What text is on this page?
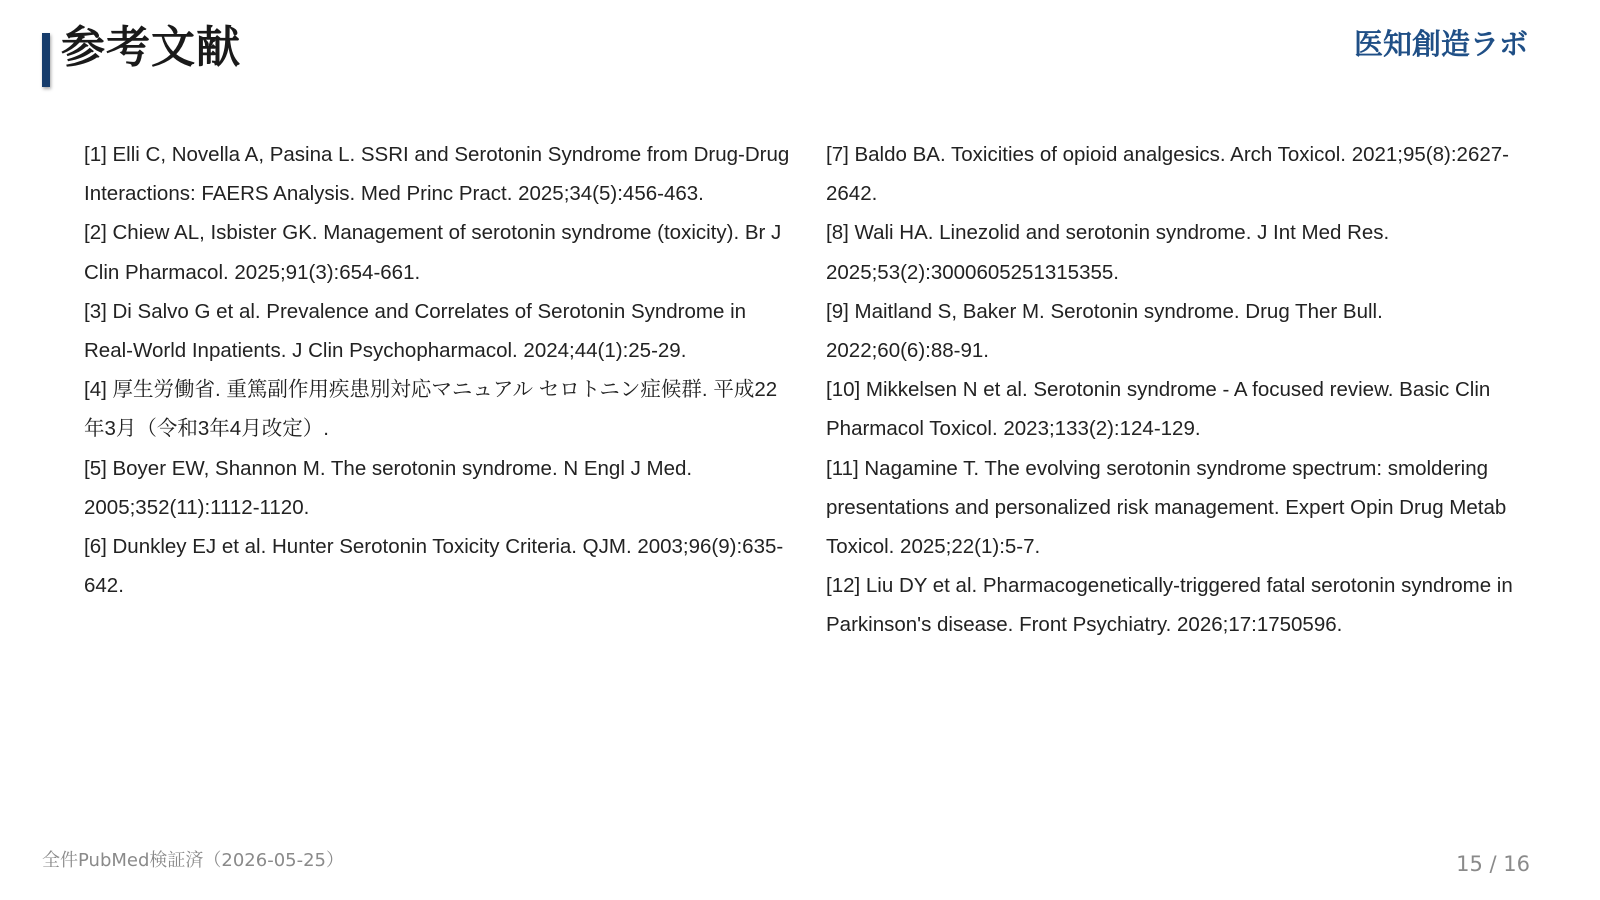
参考文献	医知創造ラボ
[1] Elli C, Novella A, Pasina L. SSRI and Serotonin Syndrome from Drug-Drug Interactions: FAERS Analysis. Med Princ Pract. 2025;34(5):456-463.
[2] Chiew AL, Isbister GK. Management of serotonin syndrome (toxicity). Br J Clin Pharmacol. 2025;91(3):654-661.
[3] Di Salvo G et al. Prevalence and Correlates of Serotonin Syndrome in Real-World Inpatients. J Clin Psychopharmacol. 2024;44(1):25-29.
[4] 厚生労働省. 重篤副作用疾患別対応マニュアル セロトニン症候群. 平成22年3月（令和3年4月改定）.
[5] Boyer EW, Shannon M. The serotonin syndrome. N Engl J Med. 2005;352(11):1112-1120.
[6] Dunkley EJ et al. Hunter Serotonin Toxicity Criteria. QJM. 2003;96(9):635-642.
[7] Baldo BA. Toxicities of opioid analgesics. Arch Toxicol. 2021;95(8):2627-2642.
[8] Wali HA. Linezolid and serotonin syndrome. J Int Med Res. 2025;53(2):3000605251315355.
[9] Maitland S, Baker M. Serotonin syndrome. Drug Ther Bull. 2022;60(6):88-91.
[10] Mikkelsen N et al. Serotonin syndrome - A focused review. Basic Clin Pharmacol Toxicol. 2023;133(2):124-129.
[11] Nagamine T. The evolving serotonin syndrome spectrum: smoldering presentations and personalized risk management. Expert Opin Drug Metab Toxicol. 2025;22(1):5-7.
[12] Liu DY et al. Pharmacogenetically-triggered fatal serotonin syndrome in Parkinson's disease. Front Psychiatry. 2026;17:1750596.
全件PubMed検証済（2026-05-25）	15 / 16
